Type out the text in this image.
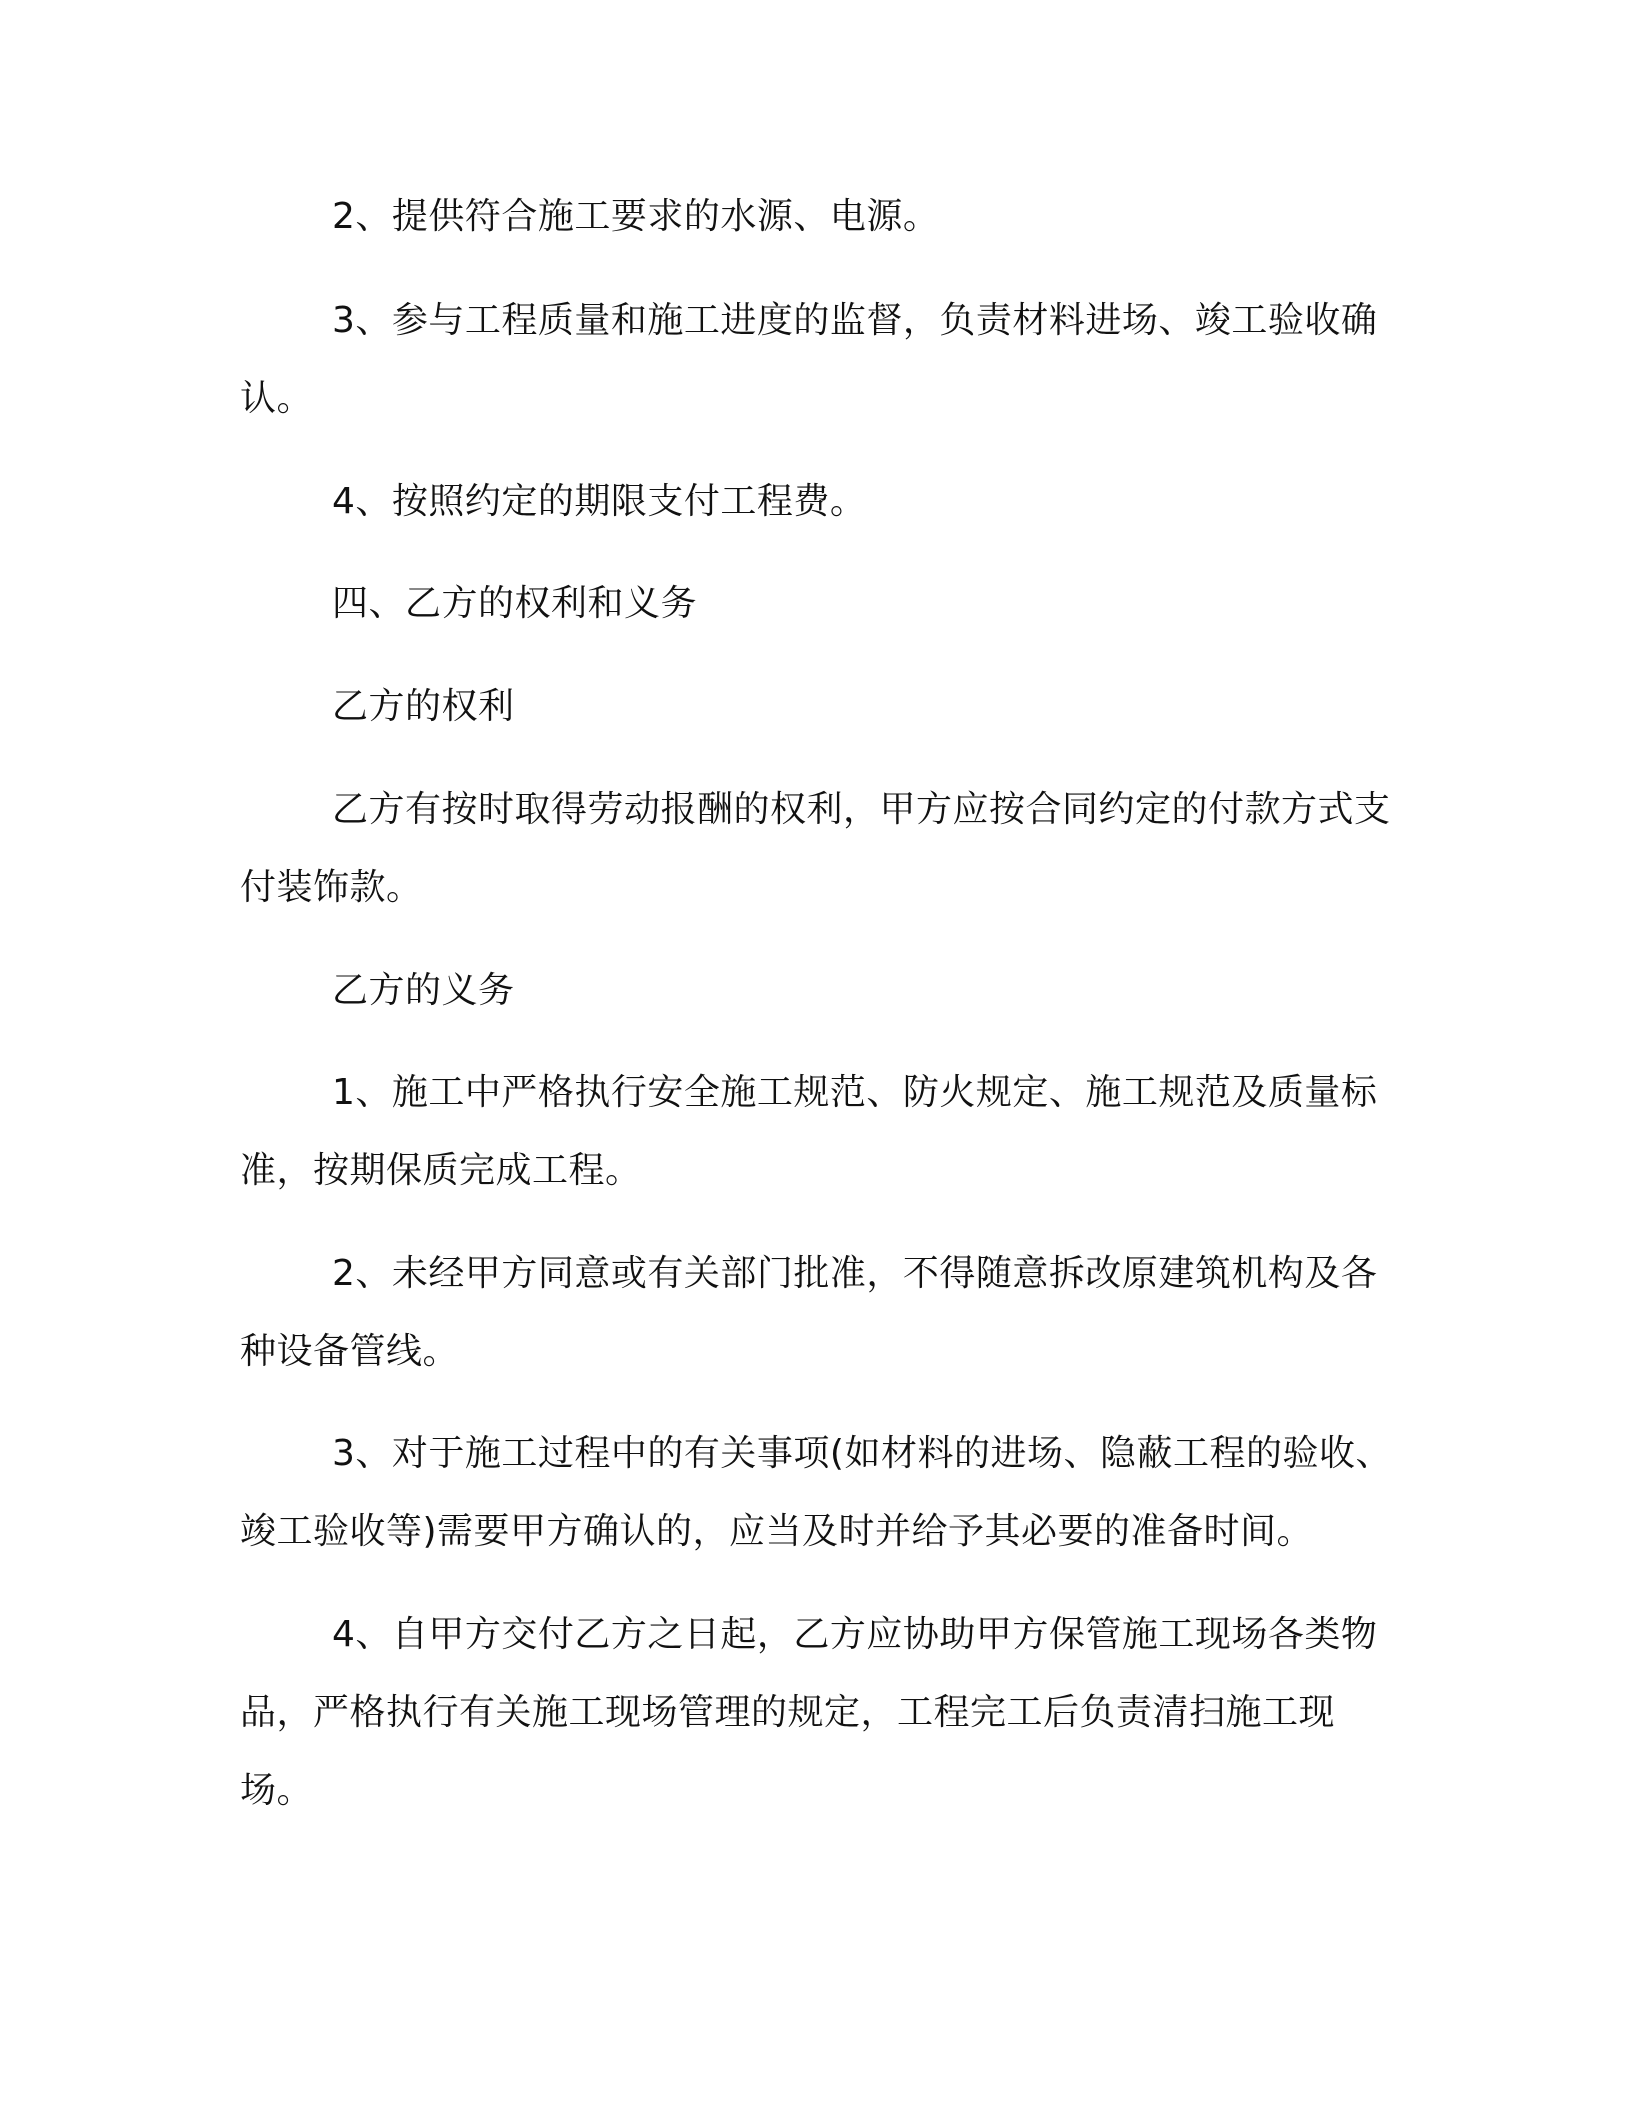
2、提供符合施工要求的水源、电源。

3、参与工程质量和施工进度的监督，负责材料进场、竣工验收确认。

4、按照约定的期限支付工程费。

四、乙方的权利和义务

乙方的权利

乙方有按时取得劳动报酬的权利，甲方应按合同约定的付款方式支付装饰款。

乙方的义务

1、施工中严格执行安全施工规范、防火规定、施工规范及质量标准，按期保质完成工程。

2、未经甲方同意或有关部门批准，不得随意拆改原建筑机构及各种设备管线。

3、对于施工过程中的有关事项(如材料的进场、隐蔽工程的验收、竣工验收等)需要甲方确认的，应当及时并给予其必要的准备时间。

4、自甲方交付乙方之日起，乙方应协助甲方保管施工现场各类物品，严格执行有关施工现场管理的规定，工程完工后负责清扫施工现场。
